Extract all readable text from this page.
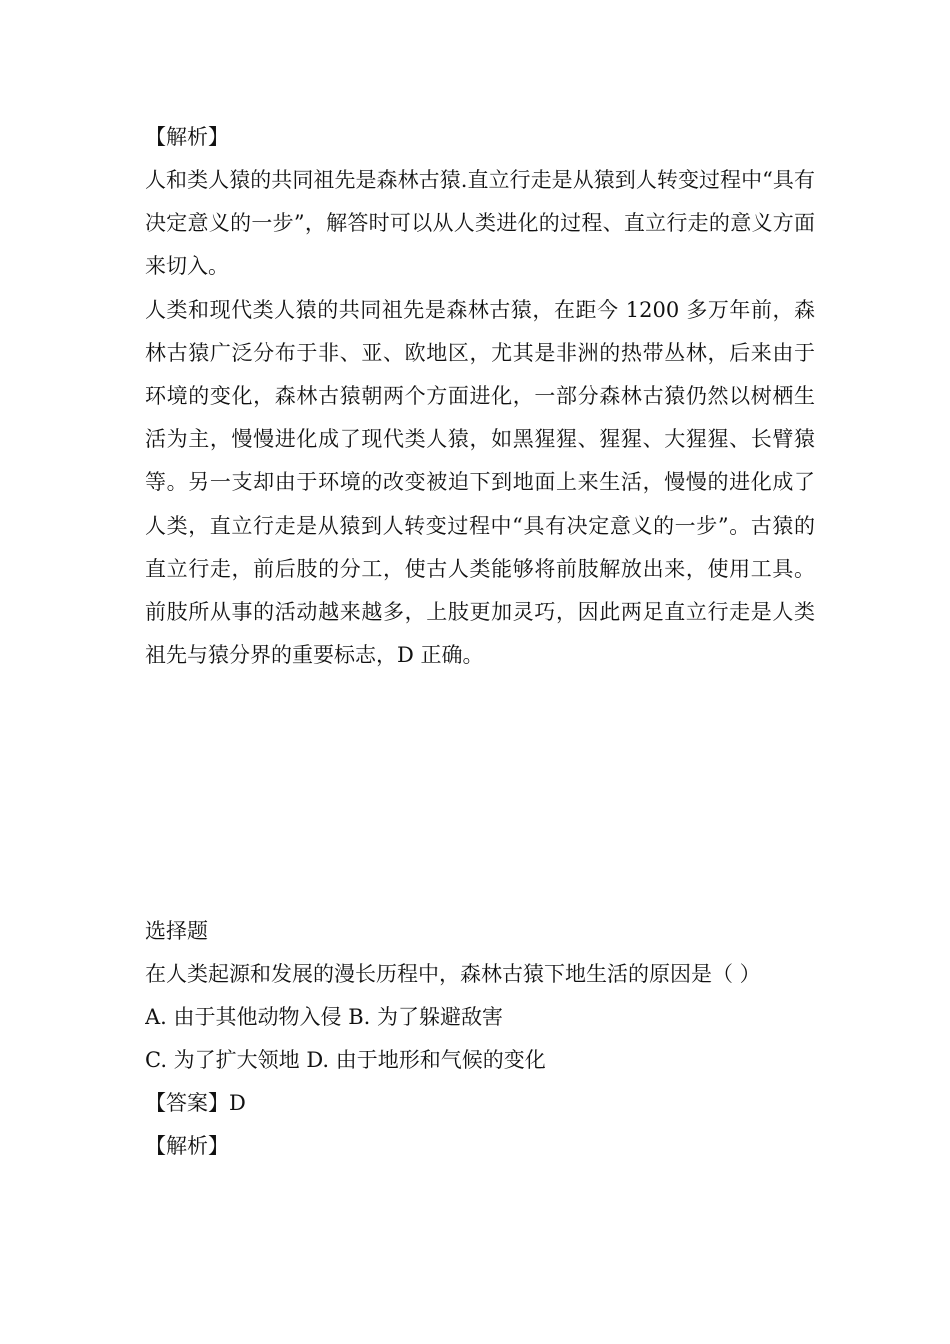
【解析】

人和类人猿的共同祖先是森林古猿.直立行走是从猿到人转变过程中“具有决定意义的一步”，解答时可以从人类进化的过程、直立行走的意义方面来切入。

人类和现代类人猿的共同祖先是森林古猿，在距今 1200 多万年前，森林古猿广泛分布于非、亚、欧地区，尤其是非洲的热带丛林，后来由于环境的变化，森林古猿朝两个方面进化，一部分森林古猿仍然以树栖生活为主，慢慢进化成了现代类人猿，如黑猩猩、猩猩、大猩猩、长臂猿等。另一支却由于环境的改变被迫下到地面上来生活，慢慢的进化成了人类，直立行走是从猿到人转变过程中“具有决定意义的一步”。古猿的直立行走，前后肢的分工，使古人类能够将前肢解放出来，使用工具。前肢所从事的活动越来越多，上肢更加灵巧，因此两足直立行走是人类祖先与猿分界的重要标志，D 正确。

选择题
在人类起源和发展的漫长历程中，森林古猿下地生活的原因是（ ）
A. 由于其他动物入侵 B. 为了躲避敌害
C. 为了扩大领地 D. 由于地形和气候的变化
【答案】D
【解析】
